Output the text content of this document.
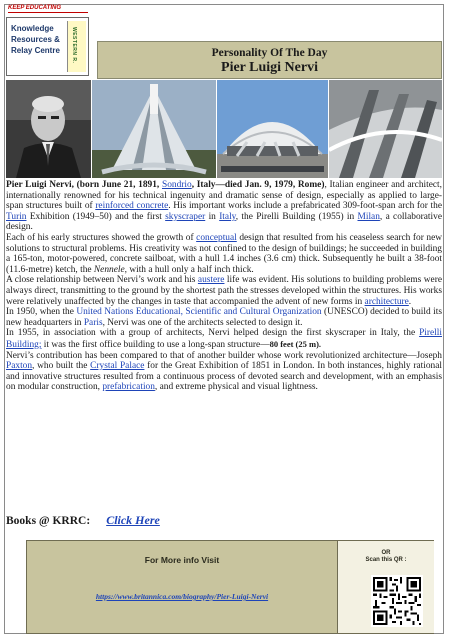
KEEP EDUCATING
Knowledge
Resources &
Relay Centre	WESTERN R.	Personality Of The Day
Pier Luigi Nervi

Pier Luigi Nervi, (born June 21, 1891, Sondrio, Italy—died Jan. 9, 1979, Rome), Italian engineer and architect, internationally renowned for his technical ingenuity and dramatic sense of design, especially as applied to large-span structures built of reinforced concrete. His important works include a prefabricated 309-foot-span arch for the Turin Exhibition (1949–50) and the first skyscraper in Italy, the Pirelli Building (1955) in Milan, a collaborative design.

Each of his early structures showed the growth of conceptual design that resulted from his ceaseless search for new solutions to structural problems. His creativity was not confined to the design of buildings; he succeeded in building a 165-ton, motor-powered, concrete sailboat, with a hull 1.4 inches (3.6 cm) thick. Subsequently he built a 38-foot (11.6-metre) ketch, the Nennele, with a hull only a half inch thick.

A close relationship between Nervi’s work and his austere life was evident. His solutions to building problems were always direct, transmitting to the ground by the shortest path the stresses developed within the structures. His works were relatively unaffected by the changes in taste that accompanied the advent of new forms in architecture.

In 1950, when the United Nations Educational, Scientific and Cultural Organization (UNESCO) decided to build its new headquarters in Paris, Nervi was one of the architects selected to design it.

In 1955, in association with a group of architects, Nervi helped design the first skyscraper in Italy, the Pirelli Building; it was the first office building to use a long-span structure—80 feet (25 m).

Nervi’s contribution has been compared to that of another builder whose work revolutionized architecture—Joseph Paxton, who built the Crystal Palace for the Great Exhibition of 1851 in London. In both instances, highly rational and innovative structures resulted from a continuous process of devoted search and development, with an emphasis on modular construction, prefabrication, and extreme physical and visual lightness.

Books @ KRRC: Click Here
For More info Visit
https://www.britannica.com/biography/Pier-Luigi-Nervi
OR
Scan this QR :
